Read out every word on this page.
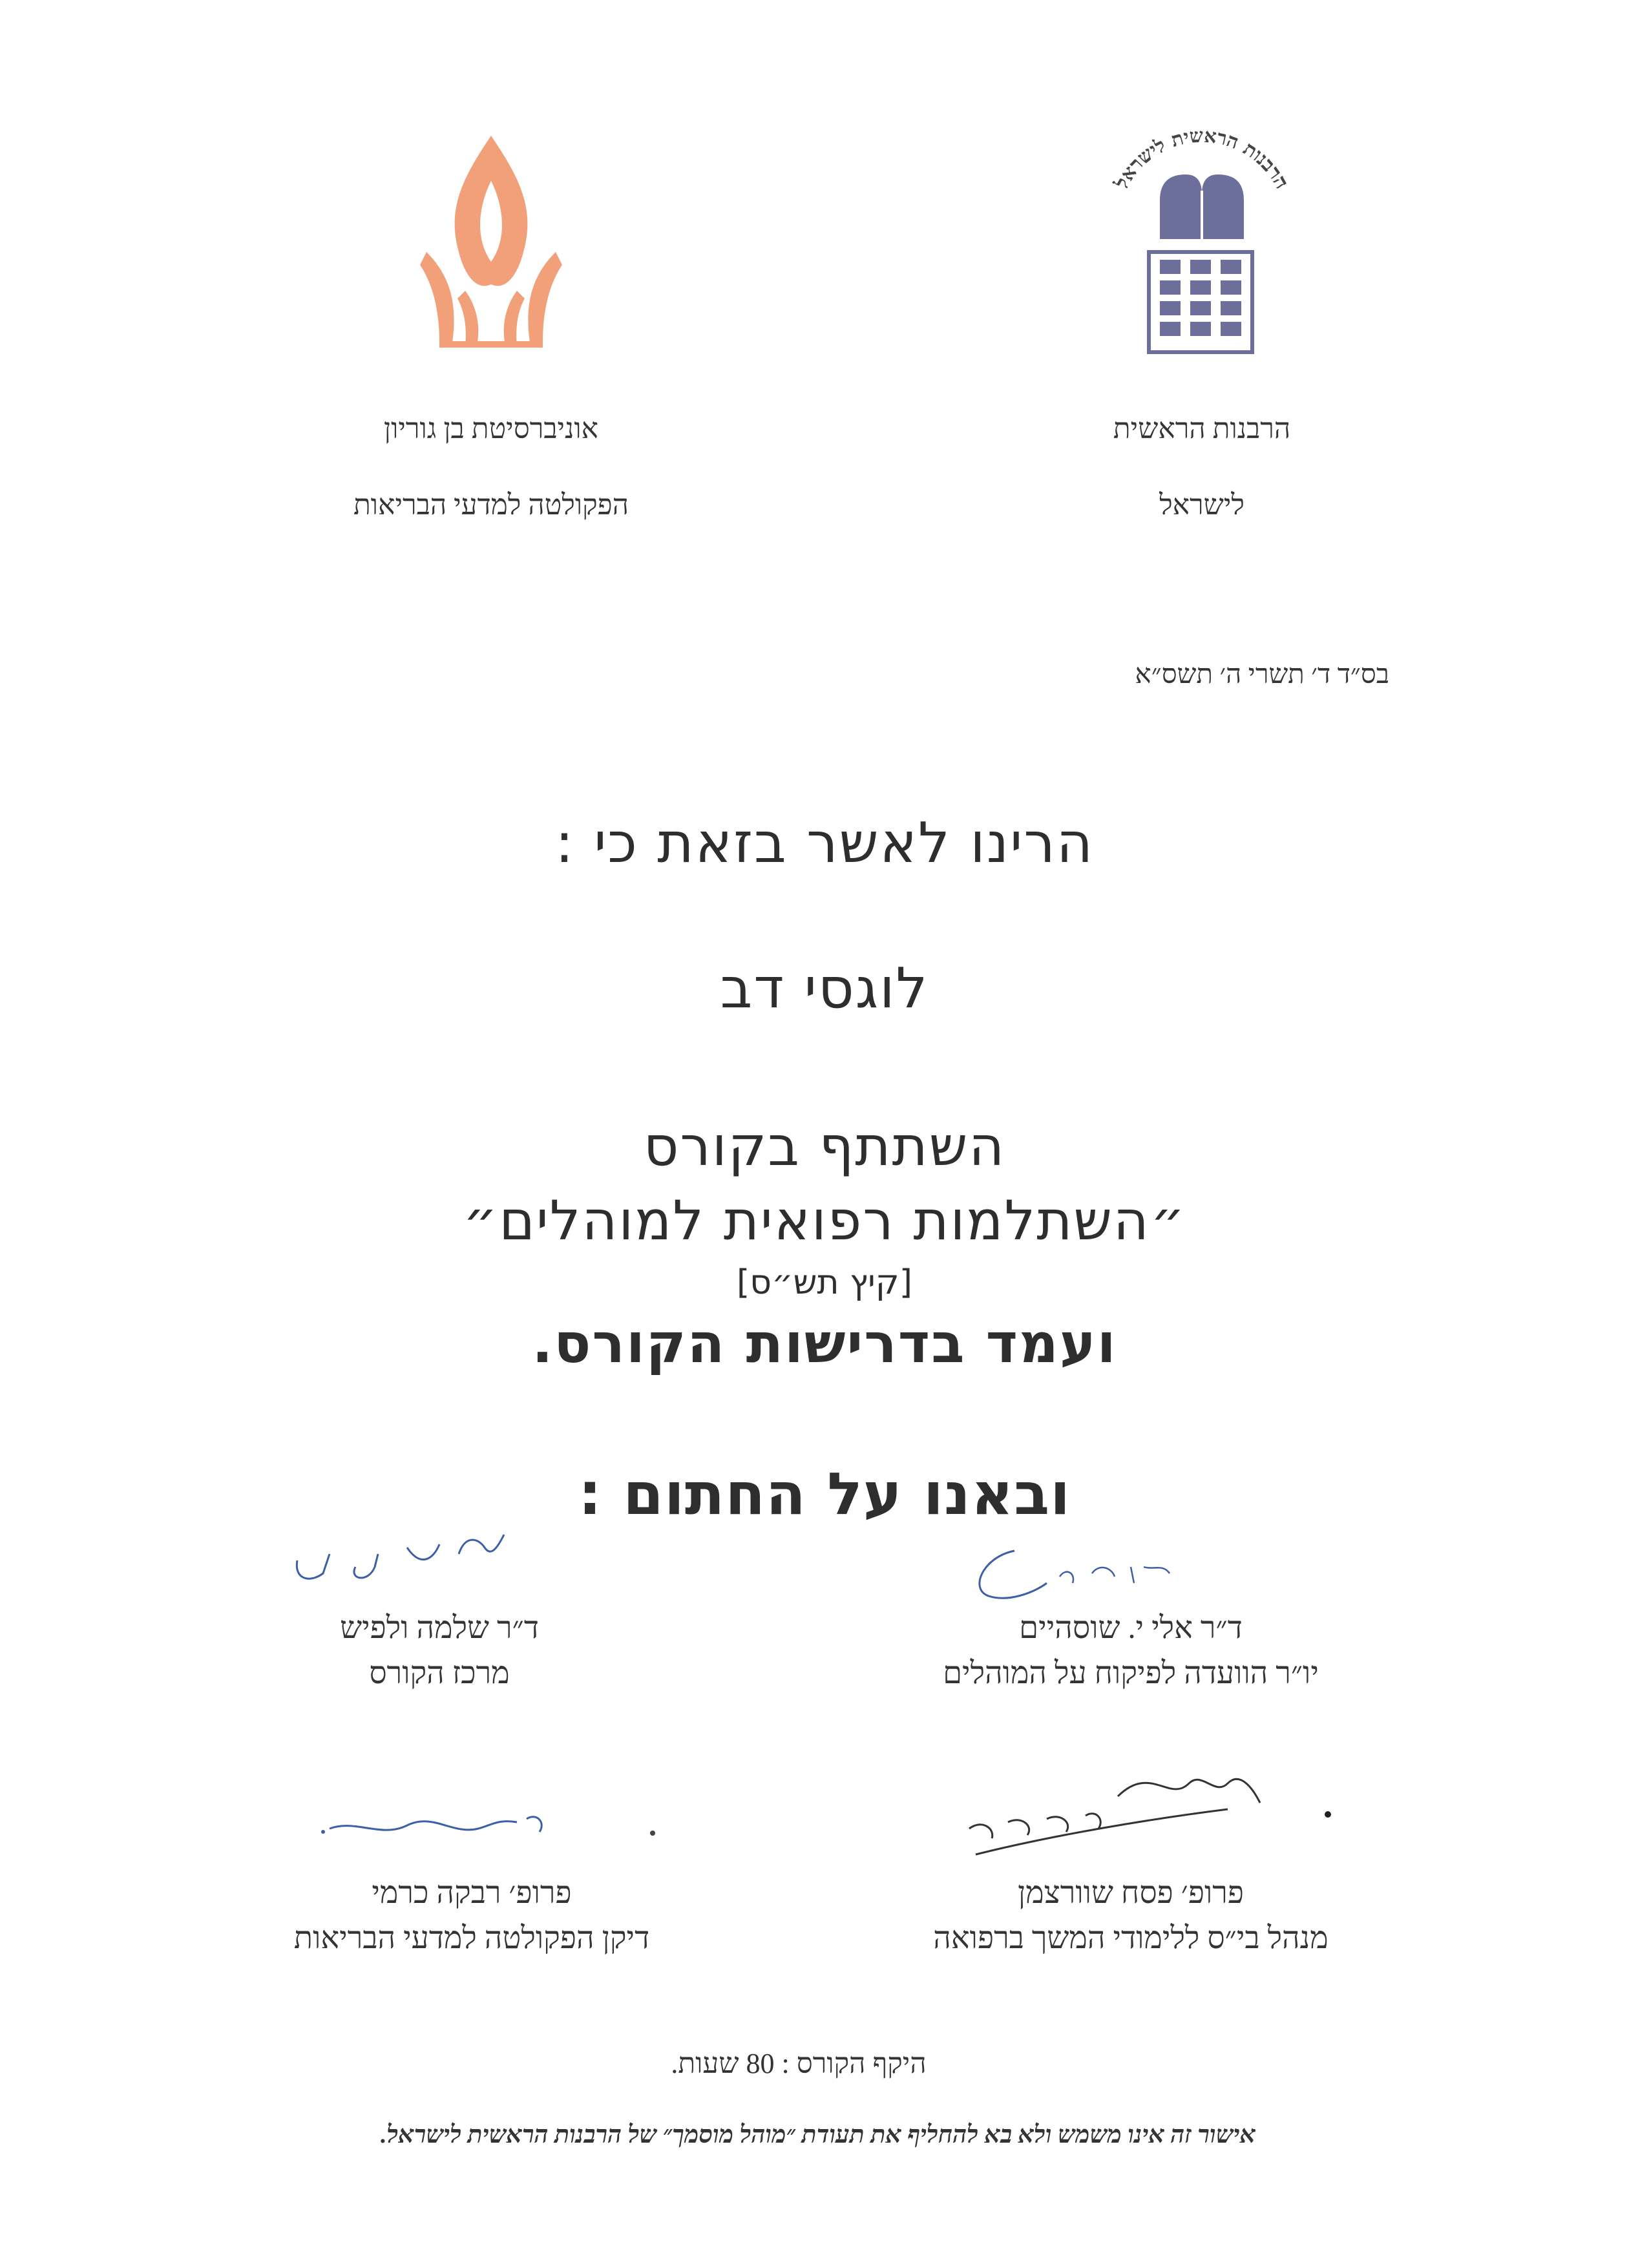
הרבנות הראשית לישראל
הרבנות הראשית
לישראל
אוניברסיטת בן גוריון
הפקולטה למדעי הבריאות
בס״ד ד׳ תשרי ה׳ תשס״א
הרינו לאשר בזאת כי :
לוגסי דב
השתתף בקורס
״השתלמות רפואית למוהלים״
[קיץ תש״ס]
ועמד בדרישות הקורס.
ובאנו על החתום :
ד״ר אלי י. שוסהיים
יו״ר הוועדה לפיקוח על המוהלים
ד״ר שלמה ולפיש
מרכז הקורס
פרופ׳ פסח שוורצמן
מנהל בי״ס ללימודי המשך ברפואה
פרופ׳ רבקה כרמי
דיקן הפקולטה למדעי הבריאות
היקף הקורס : 80 שעות.
אישור זה אינו משמש ולא בא להחליף את תעודת ״מוהל מוסמך״ של הרבנות הראשית לישראל.
